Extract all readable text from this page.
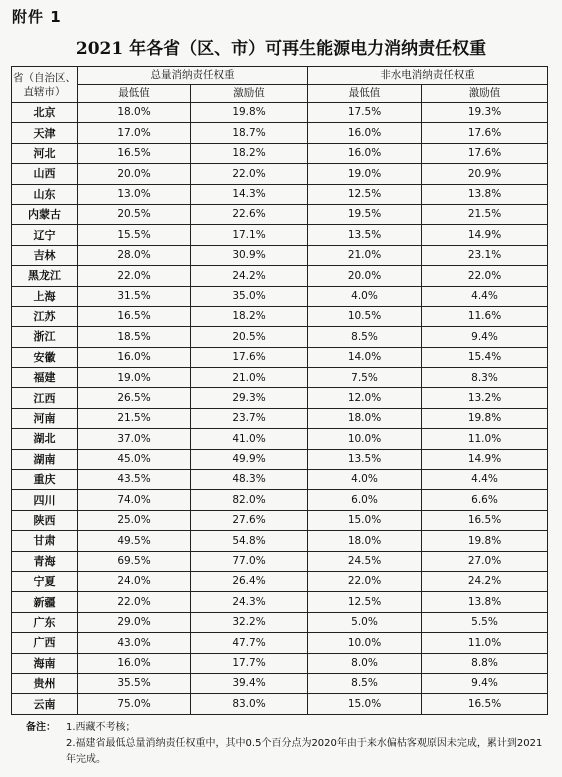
附件 1
2021 年各省（区、市）可再生能源电力消纳责任权重
省（自治区、直辖市）	总量消纳责任权重		非水电消纳责任权重	
	最低值	激励值	最低值	激励值
北京	18.0%	19.8%	17.5%	19.3%
天津	17.0%	18.7%	16.0%	17.6%
河北	16.5%	18.2%	16.0%	17.6%
山西	20.0%	22.0%	19.0%	20.9%
山东	13.0%	14.3%	12.5%	13.8%
内蒙古	20.5%	22.6%	19.5%	21.5%
辽宁	15.5%	17.1%	13.5%	14.9%
吉林	28.0%	30.9%	21.0%	23.1%
黑龙江	22.0%	24.2%	20.0%	22.0%
上海	31.5%	35.0%	4.0%	4.4%
江苏	16.5%	18.2%	10.5%	11.6%
浙江	18.5%	20.5%	8.5%	9.4%
安徽	16.0%	17.6%	14.0%	15.4%
福建	19.0%	21.0%	7.5%	8.3%
江西	26.5%	29.3%	12.0%	13.2%
河南	21.5%	23.7%	18.0%	19.8%
湖北	37.0%	41.0%	10.0%	11.0%
湖南	45.0%	49.9%	13.5%	14.9%
重庆	43.5%	48.3%	4.0%	4.4%
四川	74.0%	82.0%	6.0%	6.6%
陕西	25.0%	27.6%	15.0%	16.5%
甘肃	49.5%	54.8%	18.0%	19.8%
青海	69.5%	77.0%	24.5%	27.0%
宁夏	24.0%	26.4%	22.0%	24.2%
新疆	22.0%	24.3%	12.5%	13.8%
广东	29.0%	32.2%	5.0%	5.5%
广西	43.0%	47.7%	10.0%	11.0%
海南	16.0%	17.7%	8.0%	8.8%
贵州	35.5%	39.4%	8.5%	9.4%
云南	75.0%	83.0%	15.0%	16.5%
备注：	1.西藏不考核；
2.福建省最低总量消纳责任权重中，其中0.5个百分点为2020年由于来水偏枯客观原因未完成，累计到2021年完成。
